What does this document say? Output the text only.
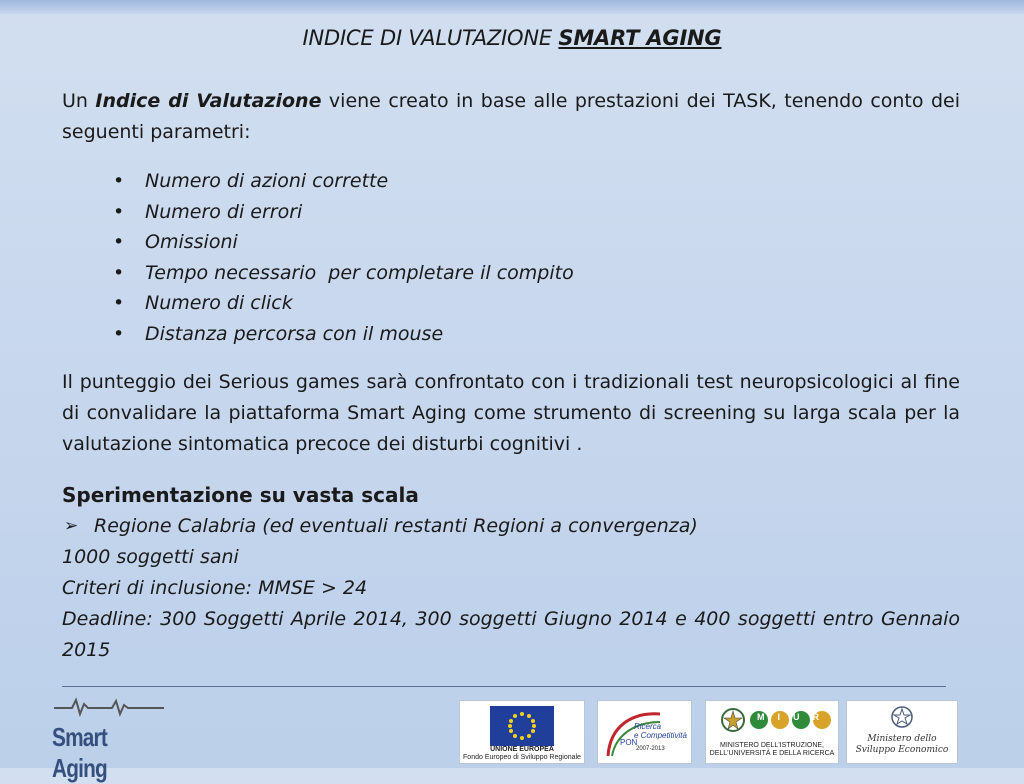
INDICE DI VALUTAZIONE SMART AGING

Un Indice di Valutazione viene creato in base alle prestazioni dei TASK, tenendo conto dei seguenti parametri:

• Numero di azioni corrette
• Numero di errori
• Omissioni
• Tempo necessario  per completare il compito
• Numero di click
• Distanza percorsa con il mouse

Il punteggio dei Serious games sarà confrontato con i tradizionali test neuropsicologici al fine di convalidare la piattaforma Smart Aging come strumento di screening su larga scala per la valutazione sintomatica precoce dei disturbi cognitivi .

Sperimentazione su vasta scala
➢ Regione Calabria (ed eventuali restanti Regioni a convergenza)
1000 soggetti sani
Criteri di inclusione: MMSE > 24
Deadline: 300 Soggetti Aprile 2014, 300 soggetti Giugno 2014 e 400 soggetti entro Gennaio 2015
Smart Aging
UNIONE EUROPEA
Fondo Europeo di Sviluppo Regionale
Ricerca
e Competitività
PON
2007-2013
MIUR
MINISTERO DELL'ISTRUZIONE,
DELL'UNIVERSITÀ E DELLA RICERCA
Ministero dello
Sviluppo Economico
